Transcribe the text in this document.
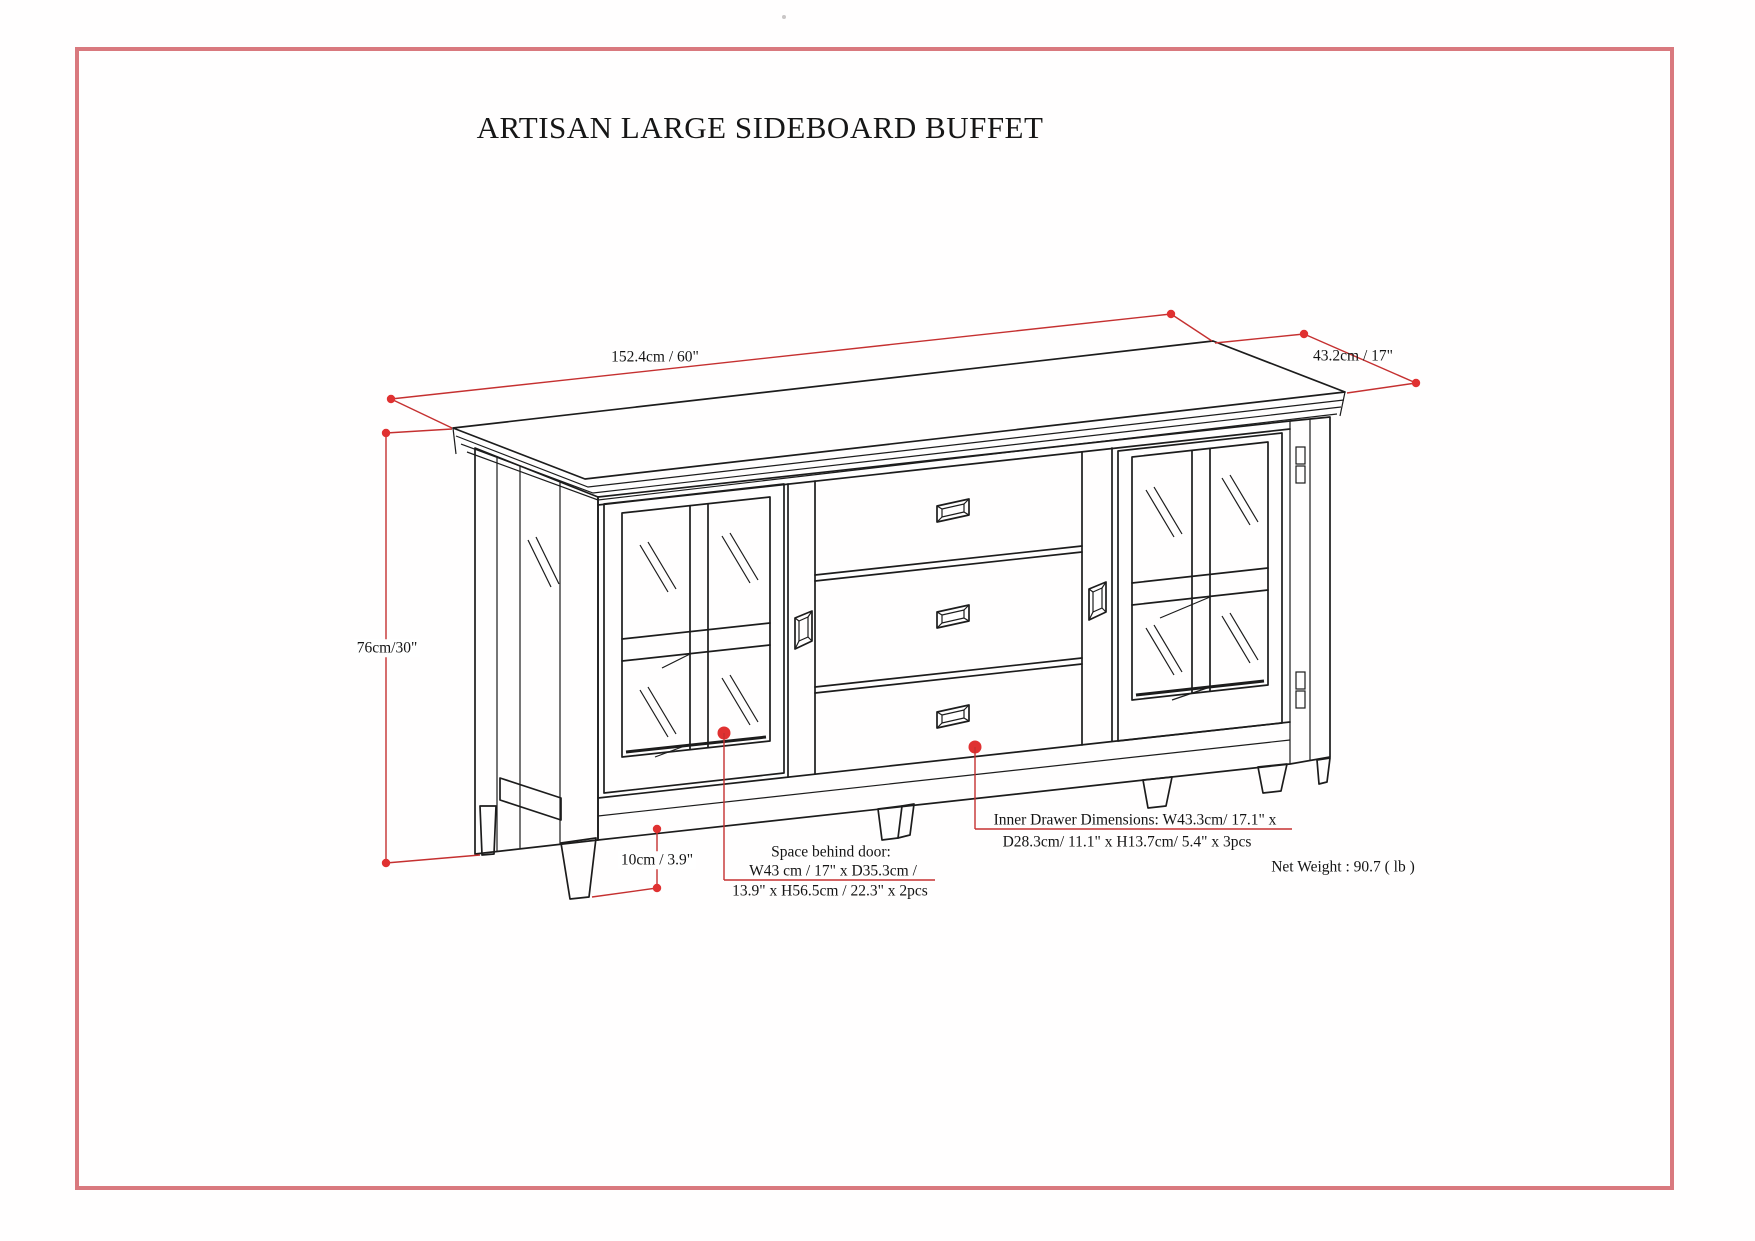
ARTISAN LARGE SIDEBOARD BUFFET
152.4cm / 60"	43.2cm / 17"
76cm/30"
10cm / 3.9"	Space behind door:
W43 cm / 17" x D35.3cm /
13.9" x H56.5cm / 22.3" x 2pcs
Inner Drawer Dimensions: W43.3cm/ 17.1" x
D28.3cm/ 11.1" x H13.7cm/ 5.4" x 3pcs
Net Weight : 90.7 ( lb )
